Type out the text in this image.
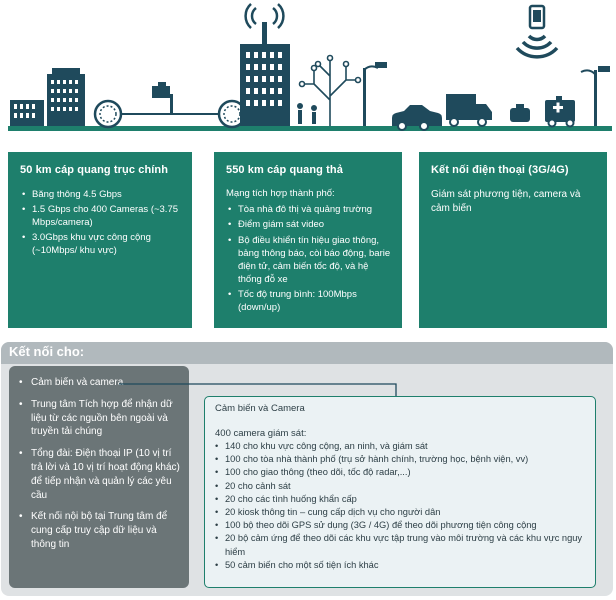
50 km cáp quang trục chính
• Băng thông 4.5 Gbps
• 1.5 Gbps cho 400 Cameras (~3.75 Mbps/camera)
• 3.0Gbps khu vực công cộng (~10Mbps/ khu vực)
550 km cáp quang thả

Mạng tích hợp thành phố:

• Tòa nhà đô thị và quảng trường
• Điểm giám sát video
• Bộ điều khiển tín hiệu giao thông, bảng thông báo, còi báo động, barie điện tử, cảm biến tốc độ, và hệ thống đỗ xe
• Tốc độ trung bình: 100Mbps (down/up)
Kết nối điện thoại (3G/4G)

Giám sát phương tiện, camera và cảm biến

Kết nối cho:
• Cảm biến và camera
• Trung tâm Tích hợp để nhận dữ liệu từ các nguồn bên ngoài và truyền tải chúng
• Tổng đài: Điện thoại IP (10 vị trí trả lời và 10 vị trí hoạt động khác) để tiếp nhận và quản lý các yêu cầu
• Kết nối nội bộ tại Trung tâm để cung cấp truy cập dữ liệu và thông tin

Cảm biến và Camera

400 camera giám sát:

• 140 cho khu vực công cộng, an ninh, và giám sát
• 100 cho tòa nhà thành phố (trụ sở hành chính, trường học, bệnh viện, vv)
• 100 cho giao thông (theo dõi, tốc độ radar,...)
• 20 cho cảnh sát
• 20 cho các tình huống khẩn cấp
• 20 kiosk thông tin – cung cấp dịch vụ cho người dân
• 100 bộ theo dõi GPS sử dụng (3G / 4G) để theo dõi phương tiện công cộng
• 20 bộ cảm ứng để theo dõi các khu vực tập trung vào môi trường và các khu vực nguy hiểm
• 50 cảm biến cho một số tiện ích khác
